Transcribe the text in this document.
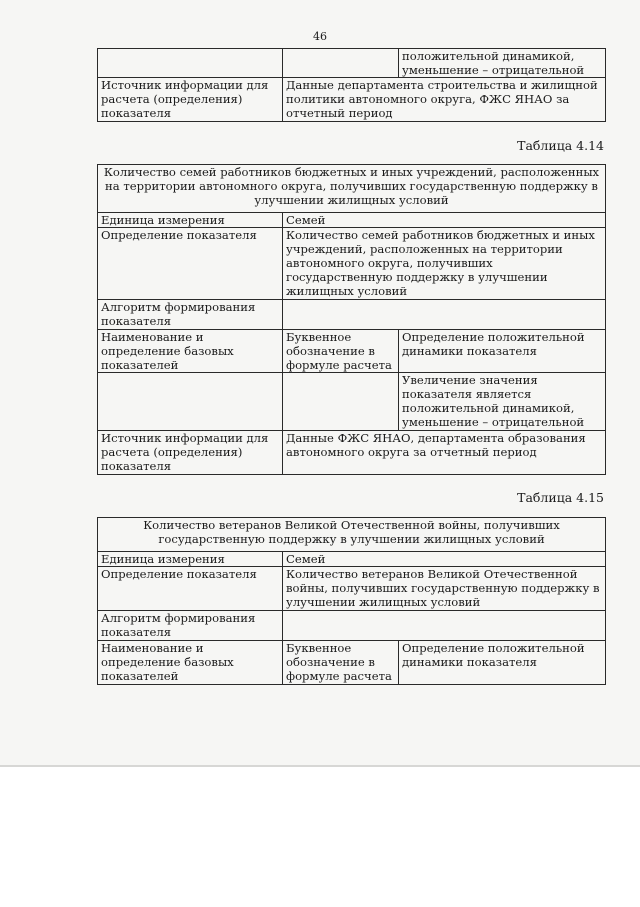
46
		положительной динамикой, уменьшение – отрицательной
Источник информации для расчета (определения) показателя	Данные департамента строительства и жилищной политики автономного округа, ФЖС ЯНАО за отчетный период	
Таблица 4.14
Количество семей работников бюджетных и иных учреждений, расположенных на территории автономного округа, получивших государственную поддержку в улучшении жилищных условий		
Единица измерения	Семей	
Определение показателя	Количество семей работников бюджетных и иных учреждений, расположенных на территории автономного округа, получивших государственную поддержку в улучшении жилищных условий	
Алгоритм формирования показателя		
Наименование и определение базовых показателей	Буквенное обозначение в формуле расчета	Определение положительной динамики показателя
		Увеличение значения показателя является положительной динамикой, уменьшение – отрицательной
Источник информации для расчета (определения) показателя	Данные ФЖС ЯНАО, департамента образования автономного округа за отчетный период	
Таблица 4.15
Количество ветеранов Великой Отечественной войны, получивших государственную поддержку в улучшении жилищных условий		
Единица измерения	Семей	
Определение показателя	Количество ветеранов Великой Отечественной войны, получивших государственную поддержку в улучшении жилищных условий	
Алгоритм формирования показателя		
Наименование и определение базовых показателей	Буквенное обозначение в формуле расчета	Определение положительной динамики показателя
